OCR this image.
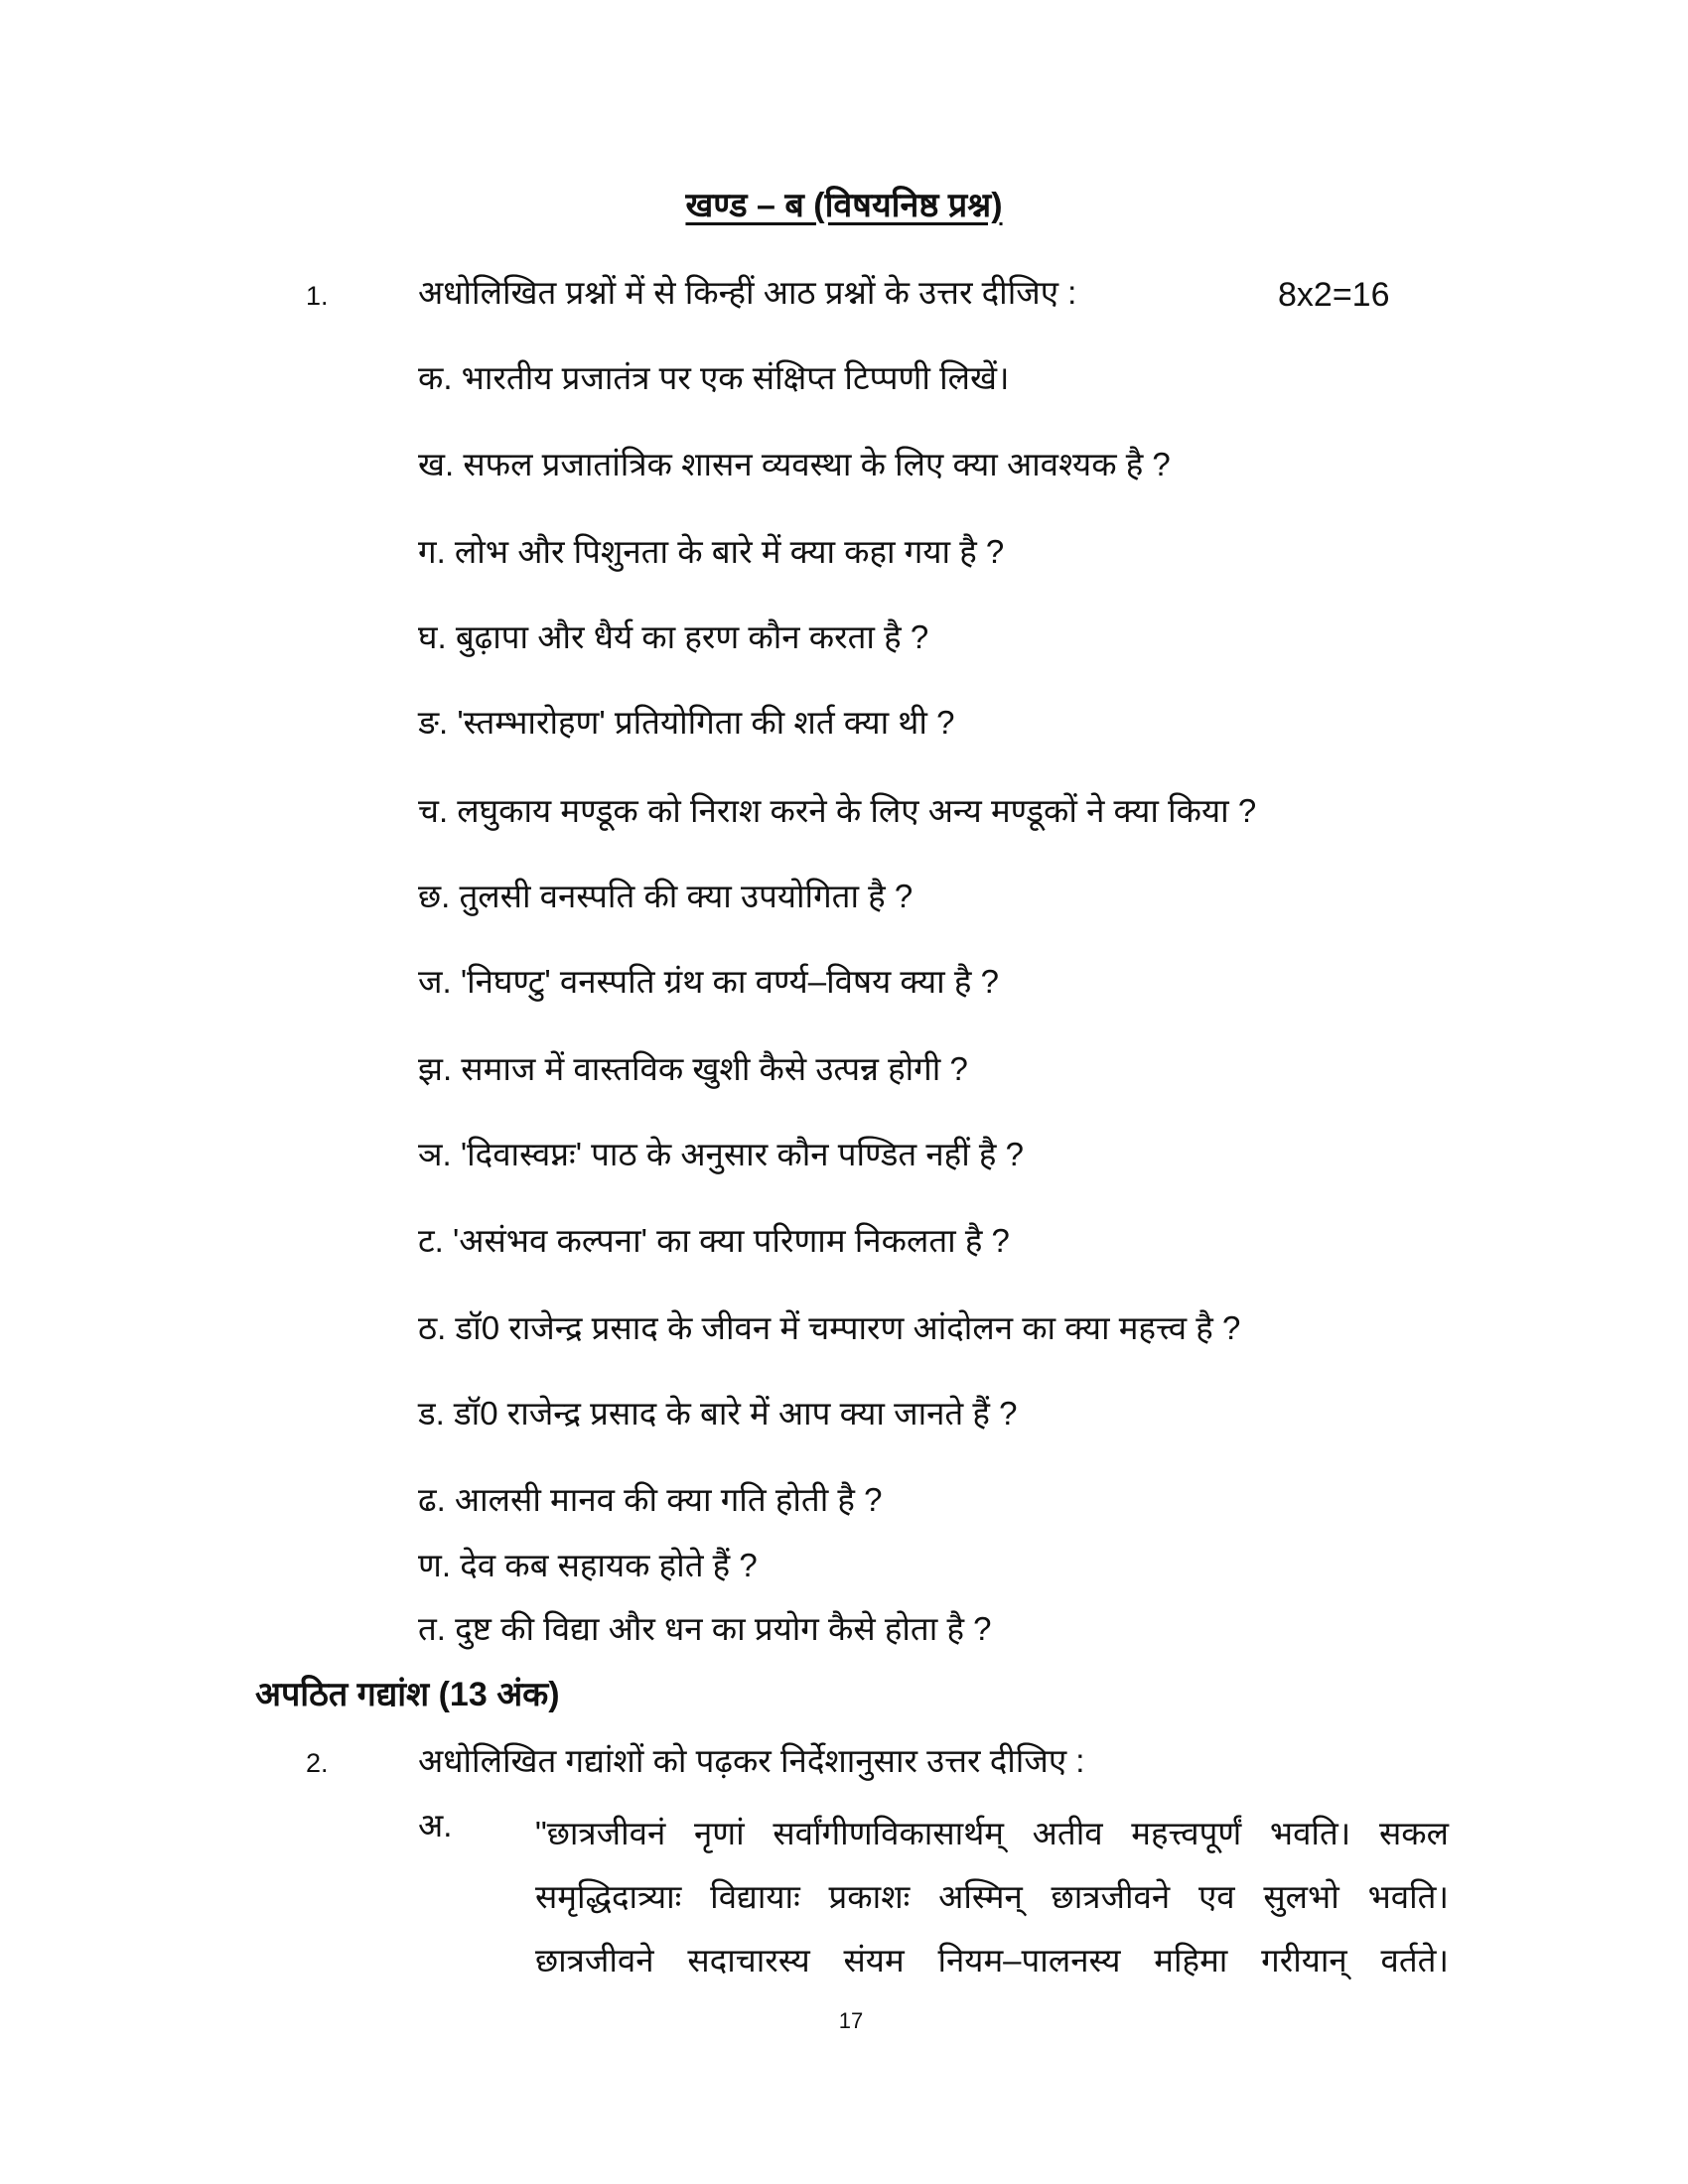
खण्ड – ब (विषयनिष्ठ प्रश्न)
1.	अधोलिखित प्रश्नों में से किन्हीं आठ प्रश्नों के उत्तर दीजिए :	8x2=16
क. भारतीय प्रजातंत्र पर एक संक्षिप्त टिप्पणी लिखें।
ख. सफल प्रजातांत्रिक शासन व्यवस्था के लिए क्या आवश्यक है ?
ग. लोभ और पिशुनता के बारे में क्या कहा गया है ?
घ. बुढ़ापा और धैर्य का हरण कौन करता है ?
ङ. 'स्तम्भारोहण' प्रतियोगिता की शर्त क्या थी ?
च. लघुकाय मण्डूक को निराश करने के लिए अन्य मण्डूकों ने क्या किया ?
छ. तुलसी वनस्पति की क्या उपयोगिता है ?
ज. 'निघण्टु' वनस्पति ग्रंथ का वर्ण्य–विषय क्या है ?
झ. समाज में वास्तविक खुशी कैसे उत्पन्न होगी ?
ञ. 'दिवास्वप्नः' पाठ के अनुसार कौन पण्डित नहीं है ?
ट. 'असंभव कल्पना' का क्या परिणाम निकलता है ?
ठ. डॉ0 राजेन्द्र प्रसाद के जीवन में चम्पारण आंदोलन का क्या महत्त्व है ?
ड. डॉ0 राजेन्द्र प्रसाद के बारे में आप क्या जानते हैं ?
ढ. आलसी मानव की क्या गति होती है ?
ण. देव कब सहायक होते हैं ?
त. दुष्ट की विद्या और धन का प्रयोग कैसे होता है ?
अपठित गद्यांश (13 अंक)
2.	अधोलिखित गद्यांशों को पढ़कर निर्देशानुसार उत्तर दीजिए :
अ.	"छात्रजीवनं नृणां सर्वांगीणविकासार्थम् अतीव महत्त्वपूर्णं भवति। सकल
समृद्धिदात्र्याः विद्यायाः प्रकाशः अस्मिन् छात्रजीवने एव सुलभो भवति।
छात्रजीवने सदाचारस्य संयम नियम–पालनस्य महिमा गरीयान् वर्तते।
17
